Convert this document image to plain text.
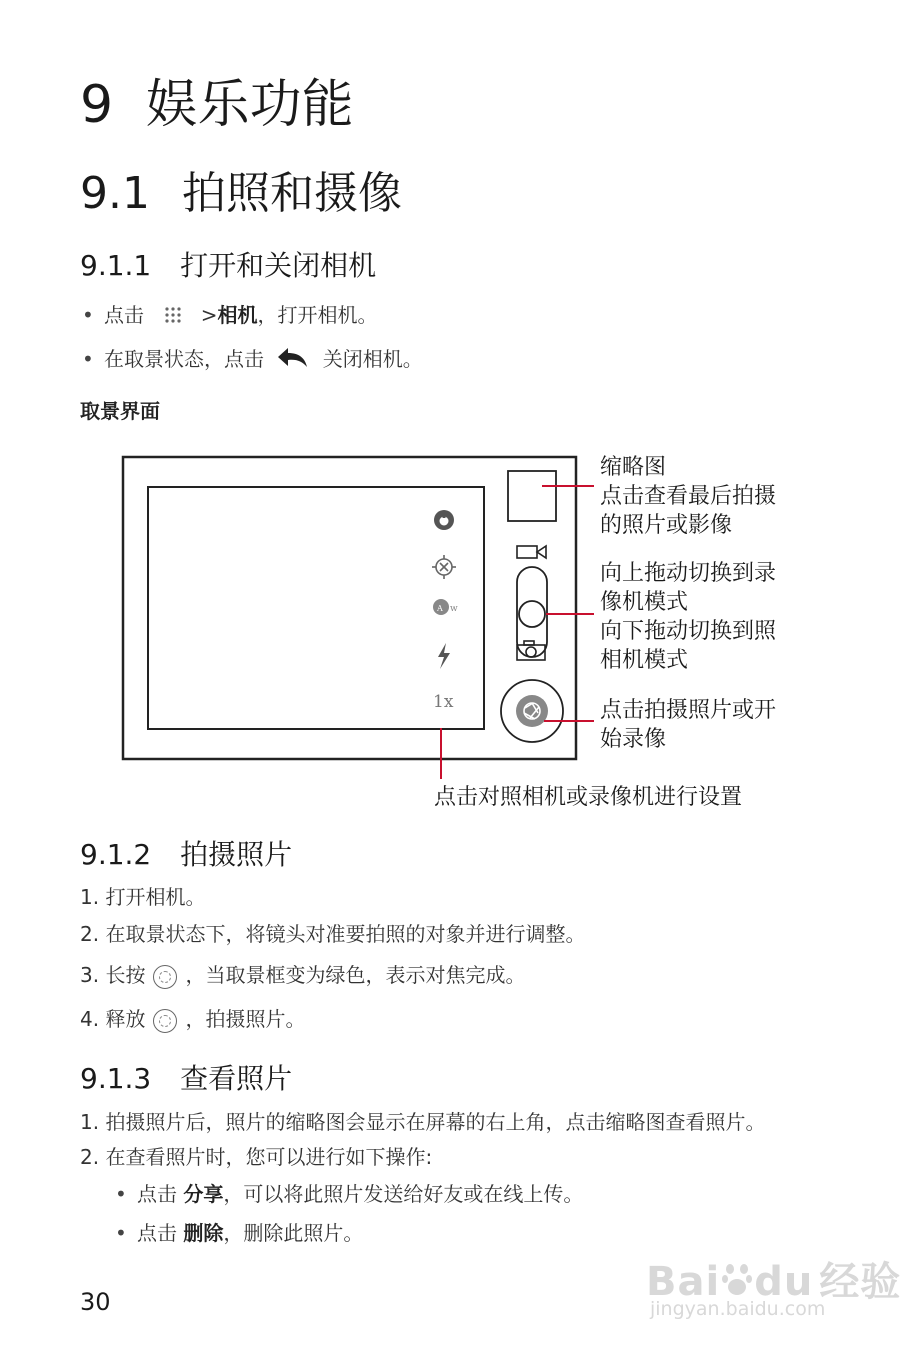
9 娱乐功能
9.1 拍照和摄像
9.1.1 打开和关闭相机
• 点击	>相机，打开相机。
• 在取景状态，点击	关闭相机。
取景界面
A w
1x
缩略图
点击查看最后拍摄
的照片或影像
向上拖动切换到录
像机模式
向下拖动切换到照
相机模式
点击拍摄照片或开
始录像
点击对照相机或录像机进行设置
9.1.2 拍摄照片
1. 打开相机。
2. 在取景状态下，将镜头对准要拍照的对象并进行调整。
3. 长按 ，当取景框变为绿色，表示对焦完成。
4. 释放 ，拍摄照片。
9.1.3 查看照片
1. 拍摄照片后，照片的缩略图会显示在屏幕的右上角，点击缩略图查看照片。
2. 在查看照片时，您可以进行如下操作:
• 点击 分享，可以将此照片发送给好友或在线上传。
• 点击 删除，删除此照片。
30	Bai du 经验
jingyan.baidu.com
